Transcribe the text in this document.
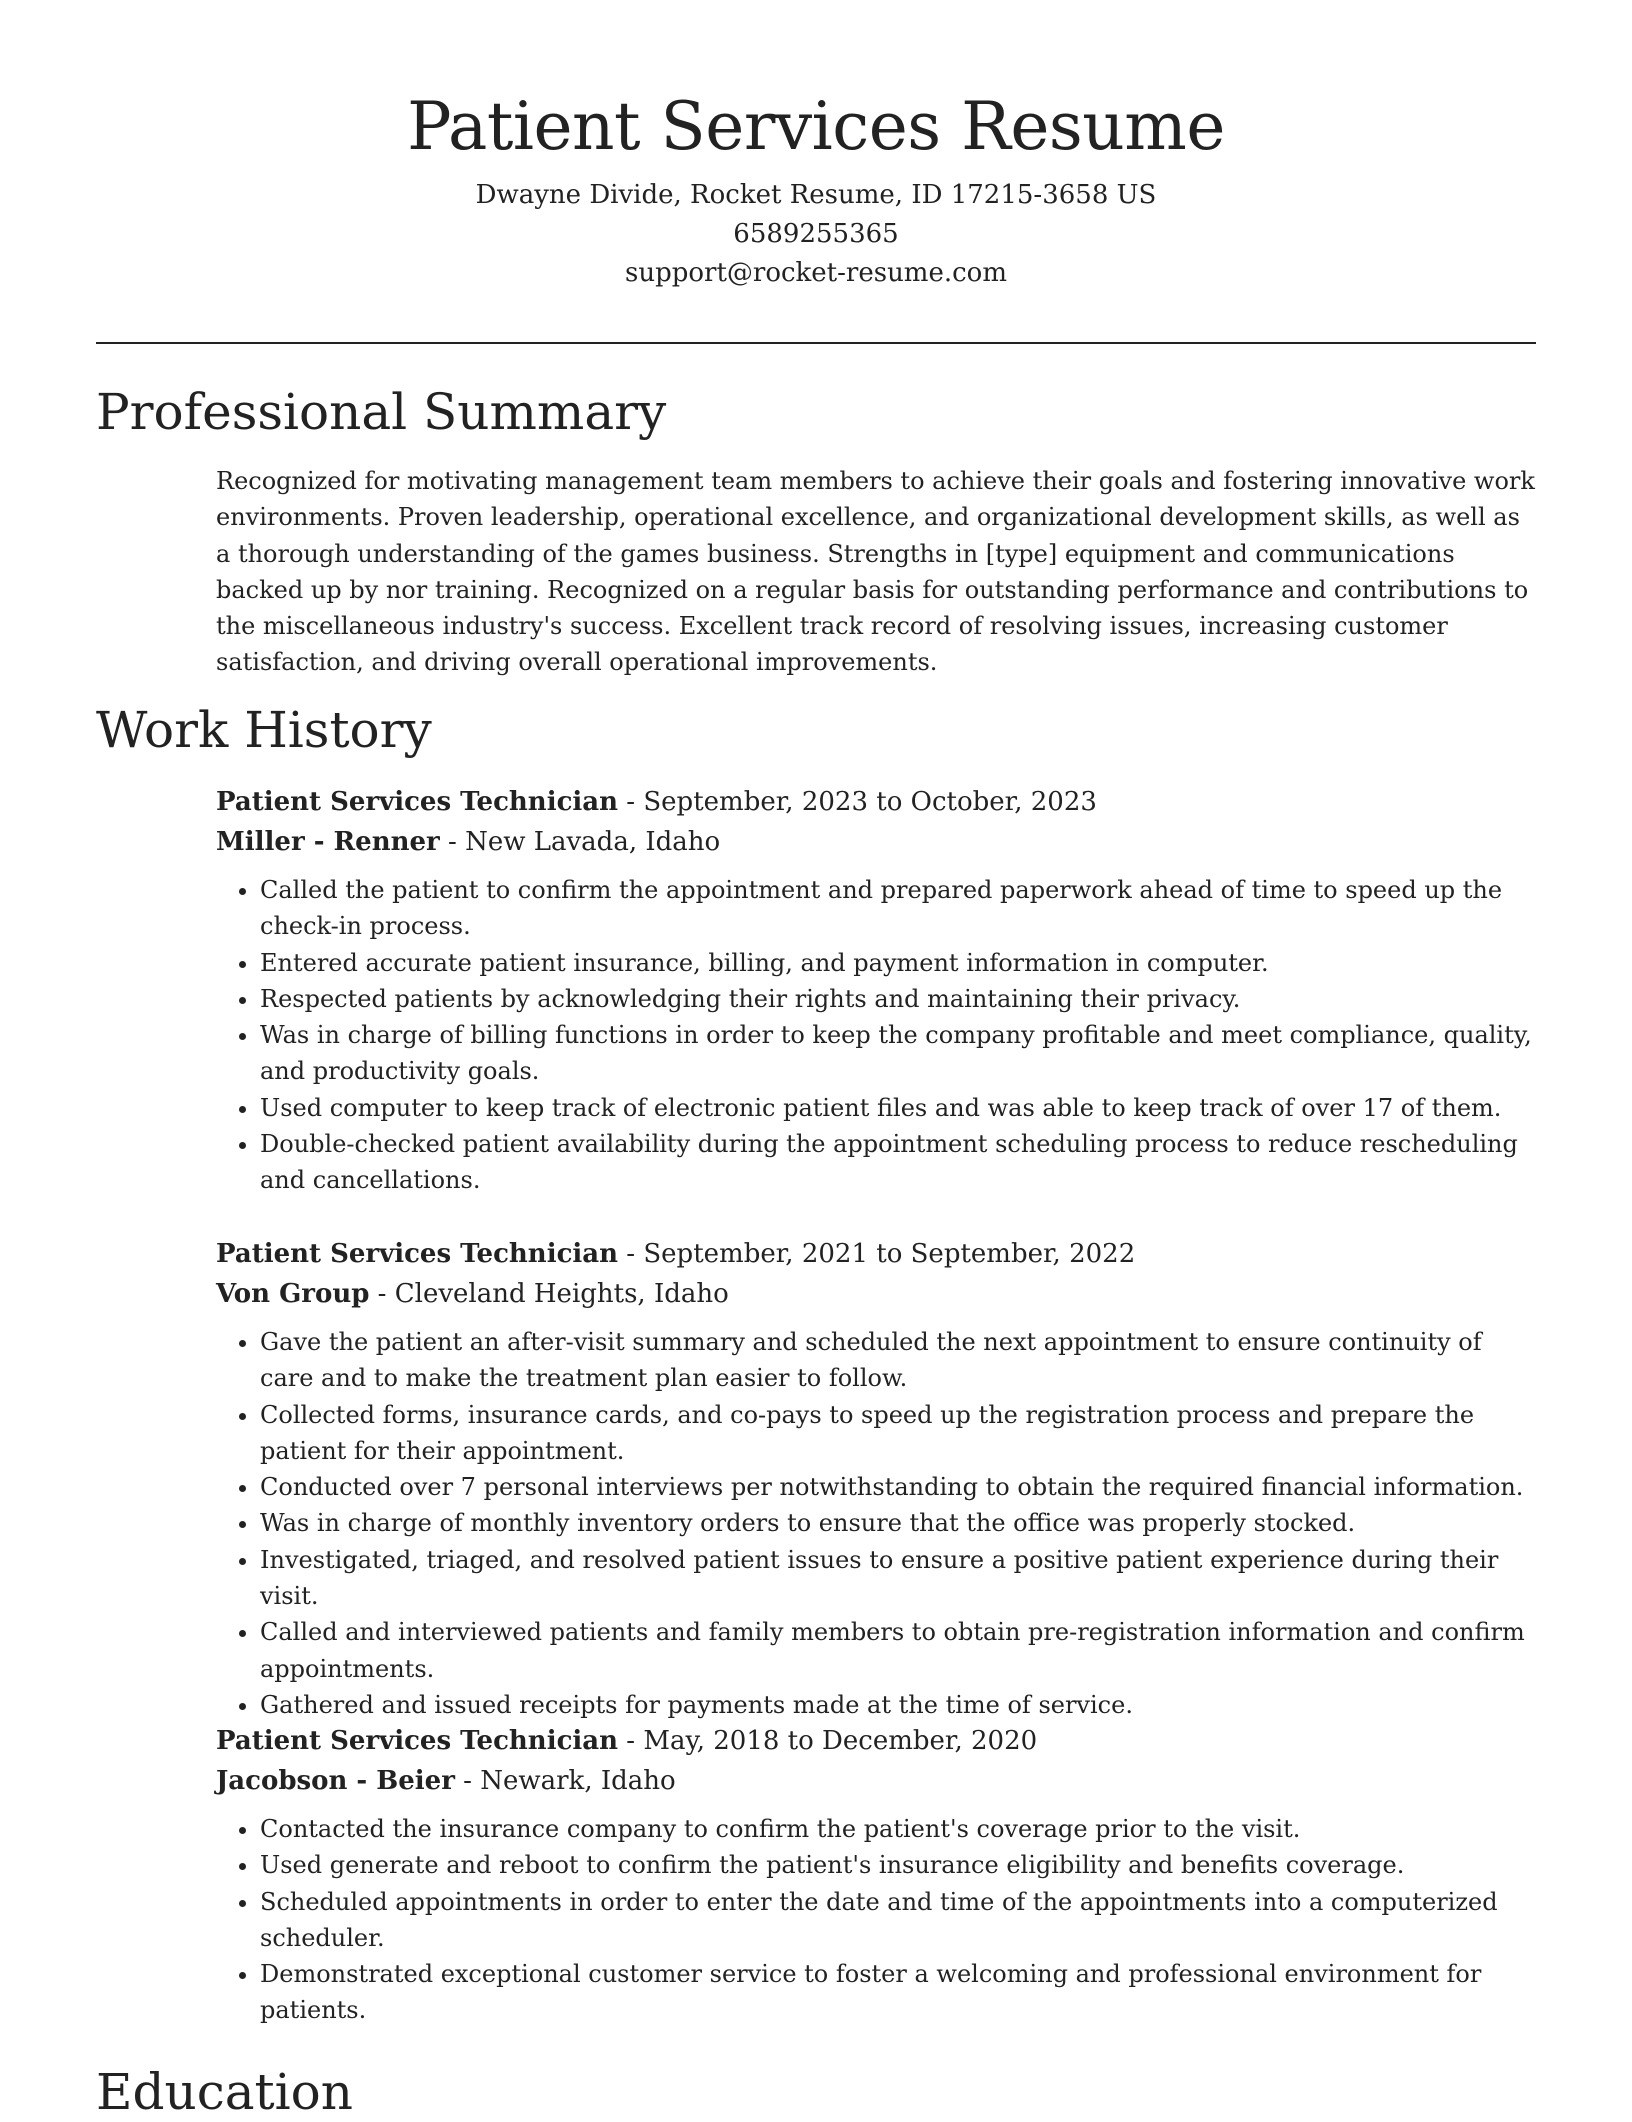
Patient Services Resume
Dwayne Divide, Rocket Resume, ID 17215-3658 US
6589255365
support@rocket-resume.com
Professional Summary

Recognized for motivating management team members to achieve their goals and fostering innovative work environments. Proven leadership, operational excellence, and organizational development skills, as well as a thorough understanding of the games business. Strengths in [type] equipment and communications backed up by nor training. Recognized on a regular basis for outstanding performance and contributions to the miscellaneous industry's success. Excellent track record of resolving issues, increasing customer satisfaction, and driving overall operational improvements.

Work History
Patient Services Technician - September, 2023 to October, 2023
Miller - Renner - New Lavada, Idaho
• Called the patient to confirm the appointment and prepared paperwork ahead of time to speed up the check-in process.
• Entered accurate patient insurance, billing, and payment information in computer.
• Respected patients by acknowledging their rights and maintaining their privacy.
• Was in charge of billing functions in order to keep the company profitable and meet compliance, quality, and productivity goals.
• Used computer to keep track of electronic patient files and was able to keep track of over 17 of them.
• Double-checked patient availability during the appointment scheduling process to reduce rescheduling and cancellations.
Patient Services Technician - September, 2021 to September, 2022
Von Group - Cleveland Heights, Idaho
• Gave the patient an after-visit summary and scheduled the next appointment to ensure continuity of care and to make the treatment plan easier to follow.
• Collected forms, insurance cards, and co-pays to speed up the registration process and prepare the patient for their appointment.
• Conducted over 7 personal interviews per notwithstanding to obtain the required financial information.
• Was in charge of monthly inventory orders to ensure that the office was properly stocked.
• Investigated, triaged, and resolved patient issues to ensure a positive patient experience during their visit.
• Called and interviewed patients and family members to obtain pre-registration information and confirm appointments.
• Gathered and issued receipts for payments made at the time of service.
Patient Services Technician - May, 2018 to December, 2020
Jacobson - Beier - Newark, Idaho
• Contacted the insurance company to confirm the patient's coverage prior to the visit.
• Used generate and reboot to confirm the patient's insurance eligibility and benefits coverage.
• Scheduled appointments in order to enter the date and time of the appointments into a computerized scheduler.
• Demonstrated exceptional customer service to foster a welcoming and professional environment for patients.
Education
